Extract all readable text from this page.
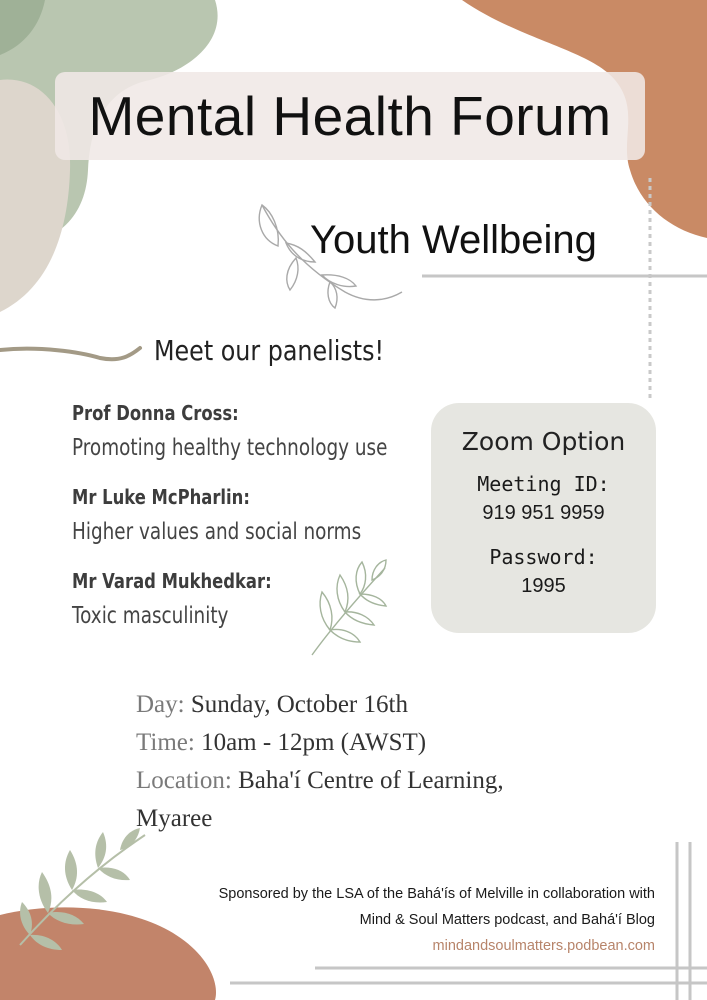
Mental Health Forum
Youth Wellbeing
Meet our panelists!
Prof Donna Cross:
Promoting healthy technology use
Mr Luke McPharlin:
Higher values and social norms
Mr Varad Mukhedkar:
Toxic masculinity
Zoom Option
Meeting ID:
919 951 9959
Password:
1995
Day: Sunday, October 16th
Time: 10am - 12pm (AWST)
Location: Baha'í Centre of Learning,
Myaree
Sponsored by the LSA of the Bahá'ís of Melville in collaboration with
Mind & Soul Matters podcast, and Bahá'í Blog
mindandsoulmatters.podbean.com
